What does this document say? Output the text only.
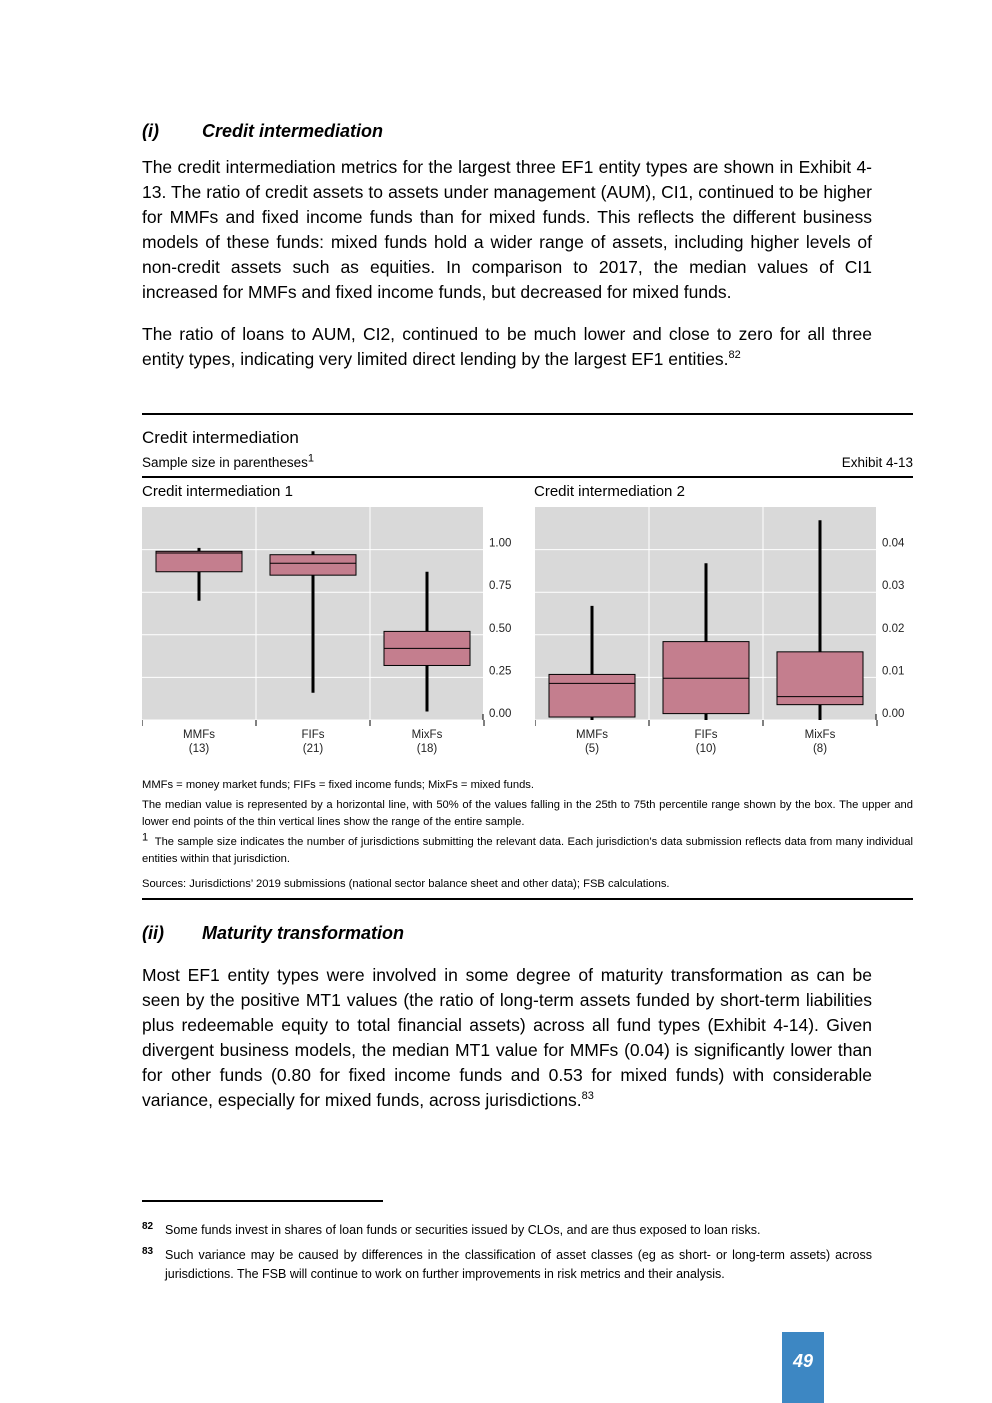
(i) Credit intermediation

The credit intermediation metrics for the largest three EF1 entity types are shown in Exhibit 4-13. The ratio of credit assets to assets under management (AUM), CI1, continued to be higher for MMFs and fixed income funds than for mixed funds. This reflects the different business models of these funds: mixed funds hold a wider range of assets, including higher levels of non-credit assets such as equities. In comparison to 2017, the median values of CI1 increased for MMFs and fixed income funds, but decreased for mixed funds.

The ratio of loans to AUM, CI2, continued to be much lower and close to zero for all three entity types, indicating very limited direct lending by the largest EF1 entities.$^{82}$

Credit intermediation
Sample size in parentheses$^1$	Exhibit 4-13
Credit intermediation 1	Credit intermediation 2
0.00
0.25
0.50
0.75
1.00
MMFs
(13)
FIFs
(21)
MixFs
(18)
0.00
0.01
0.02
0.03
0.04
MMFs
(5)
FIFs
(10)
MixFs
(8)

MMFs = money market funds; FIFs = fixed income funds; MixFs = mixed funds.

The median value is represented by a horizontal line, with 50% of the values falling in the 25th to 75th percentile range shown by the box. The upper and lower end points of the thin vertical lines show the range of the entire sample.

$^1$ The sample size indicates the number of jurisdictions submitting the relevant data. Each jurisdiction’s data submission reflects data from many individual entities within that jurisdiction.

Sources: Jurisdictions’ 2019 submissions (national sector balance sheet and other data); FSB calculations.

(ii) Maturity transformation

Most EF1 entity types were involved in some degree of maturity transformation as can be seen by the positive MT1 values (the ratio of long-term assets funded by short-term liabilities plus redeemable equity to total financial assets) across all fund types (Exhibit 4-14). Given divergent business models, the median MT1 value for MMFs (0.04) is significantly lower than for other funds (0.80 for fixed income funds and 0.53 for mixed funds) with considerable variance, especially for mixed funds, across jurisdictions.$^{83}$

82 Some funds invest in shares of loan funds or securities issued by CLOs, and are thus exposed to loan risks.
83 Such variance may be caused by differences in the classification of asset classes (eg as short- or long-term assets) across jurisdictions. The FSB will continue to work on further improvements in risk metrics and their analysis.
49
